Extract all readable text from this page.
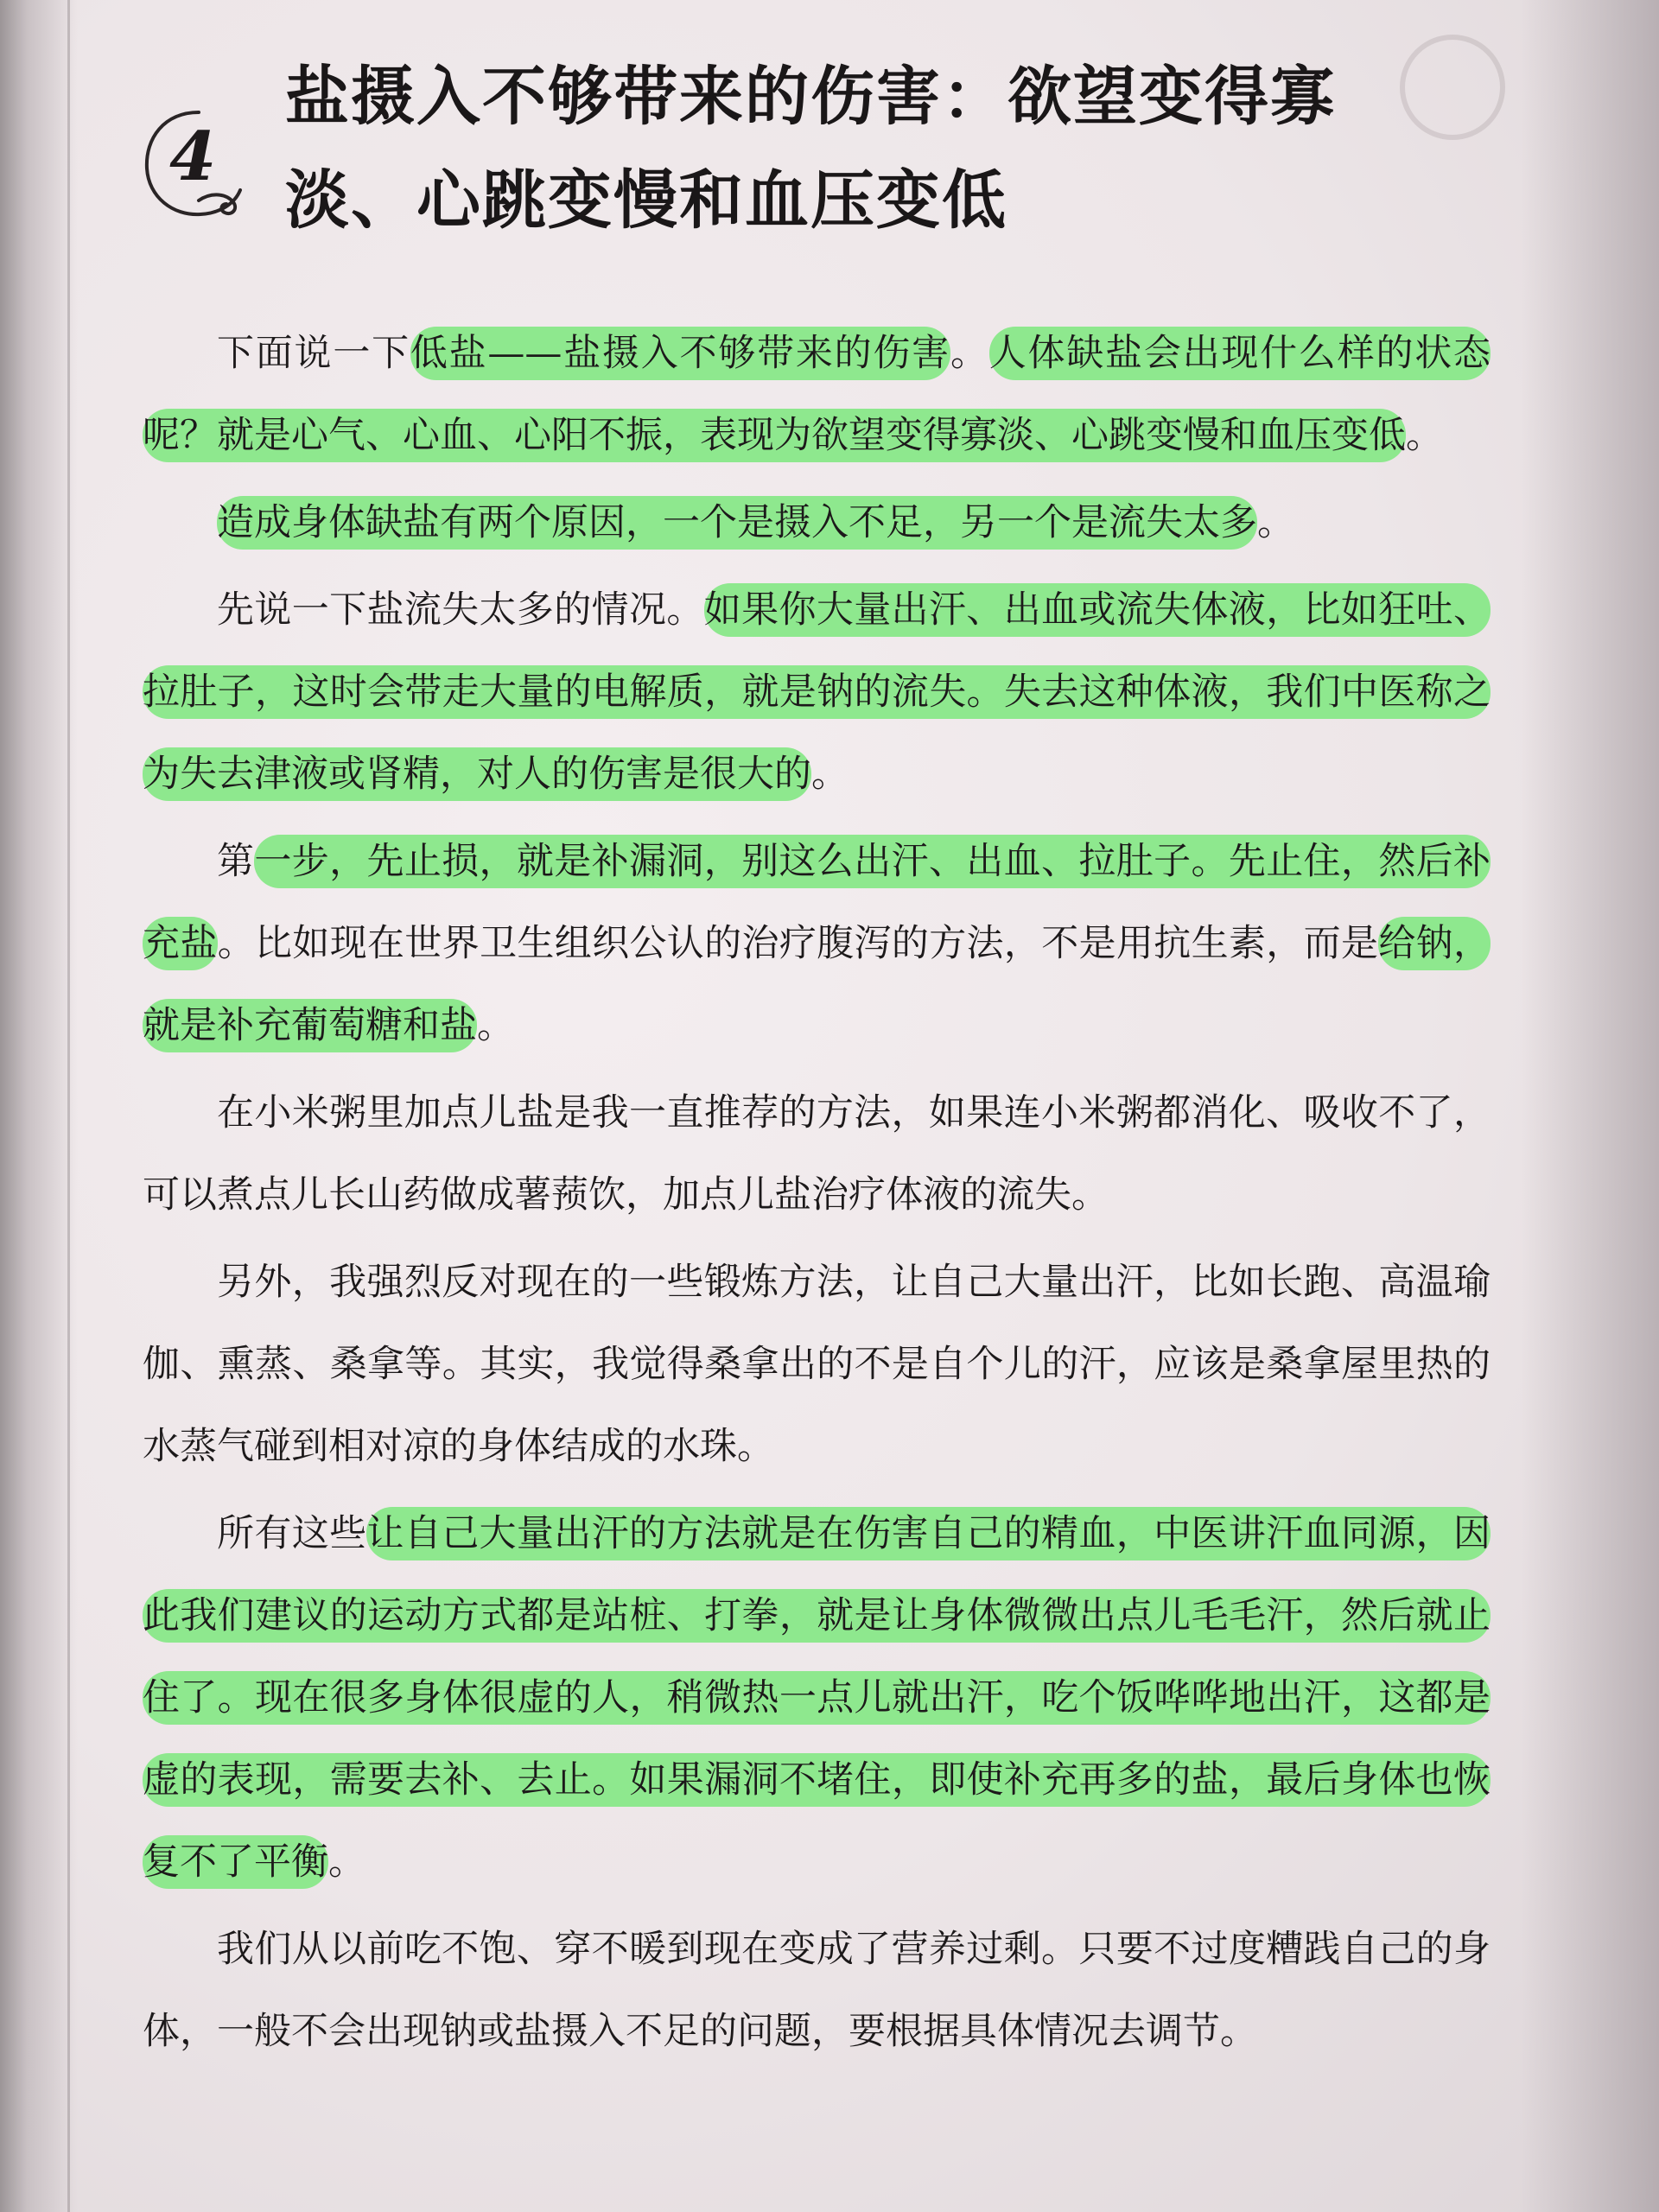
4
盐摄入不够带来的伤害：欲望变得寡淡、心跳变慢和血压变低

下面说一下低盐——盐摄入不够带来的伤害。人体缺盐会出现什么样的状态呢？就是心气、心血、心阳不振，表现为欲望变得寡淡、心跳变慢和血压变低。

造成身体缺盐有两个原因，一个是摄入不足，另一个是流失太多。

先说一下盐流失太多的情况。如果你大量出汗、出血或流失体液，比如狂吐、拉肚子，这时会带走大量的电解质，就是钠的流失。失去这种体液，我们中医称之为失去津液或肾精，对人的伤害是很大的。

第一步，先止损，就是补漏洞，别这么出汗、出血、拉肚子。先止住，然后补充盐。比如现在世界卫生组织公认的治疗腹泻的方法，不是用抗生素，而是给钠，就是补充葡萄糖和盐。

在小米粥里加点儿盐是我一直推荐的方法，如果连小米粥都消化、吸收不了，可以煮点儿长山药做成薯蓣饮，加点儿盐治疗体液的流失。

另外，我强烈反对现在的一些锻炼方法，让自己大量出汗，比如长跑、高温瑜伽、熏蒸、桑拿等。其实，我觉得桑拿出的不是自个儿的汗，应该是桑拿屋里热的水蒸气碰到相对凉的身体结成的水珠。

所有这些让自己大量出汗的方法就是在伤害自己的精血，中医讲汗血同源，因此我们建议的运动方式都是站桩、打拳，就是让身体微微出点儿毛毛汗，然后就止住了。现在很多身体很虚的人，稍微热一点儿就出汗，吃个饭哗哗地出汗，这都是虚的表现，需要去补、去止。如果漏洞不堵住，即使补充再多的盐，最后身体也恢复不了平衡。

我们从以前吃不饱、穿不暖到现在变成了营养过剩。只要不过度糟践自己的身体，一般不会出现钠或盐摄入不足的问题，要根据具体情况去调节。
